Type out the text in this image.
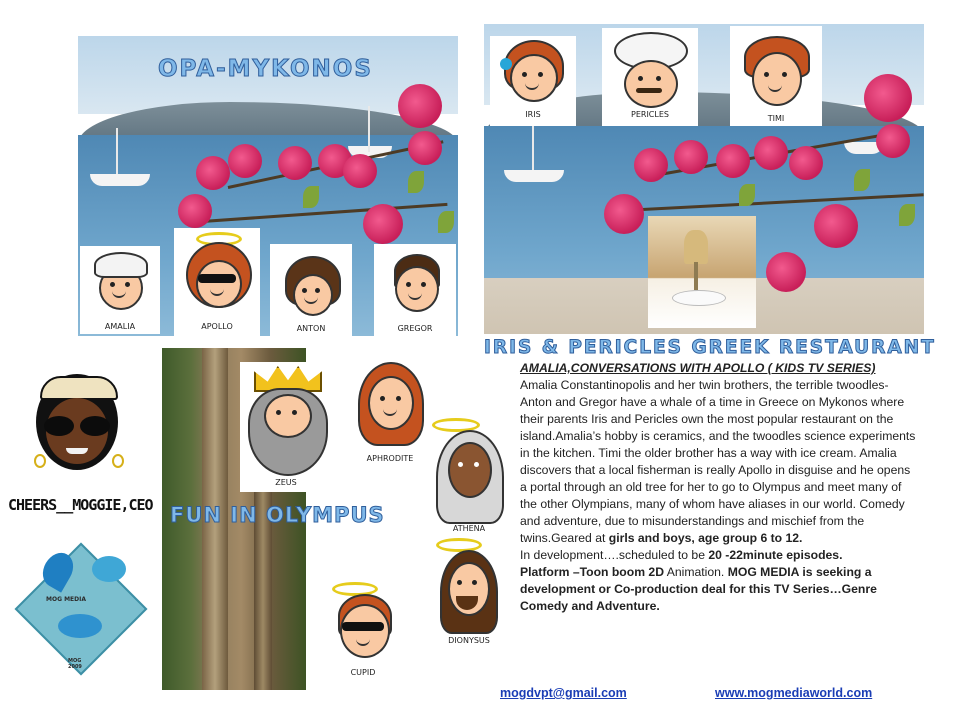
OPA-MYKONOS
AMALIA	APOLLO	ANTON	GREGOR
IRIS	PERICLES	TIMI
IRIS & PERICLES GREEK RESTAURANT
CHEERS__MOGGIE,CEO
MOG MEDIA
MOG 2009
FUN IN OLYMPUS
ZEUS
APHRODITE
ATHENA
DIONYSUS
CUPID

AMALIA,CONVERSATIONS WITH APOLLO ( KIDS TV SERIES)

Amalia Constantinopolis and her twin brothers, the terrible twoodles-Anton and Gregor have a whale of a time in Greece on Mykonos where their parents Iris and Pericles own the most popular restaurant on the island.Amalia’s hobby is ceramics, and the twoodles science experiments in the kitchen. Timi the older brother has a way with ice cream. Amalia discovers that a local fisherman is really Apollo in disguise and he opens a portal through an old tree for her to go to Olympus and meet many of the other Olympians, many of whom have aliases in our world. Comedy and adventure, due to misunderstandings and mischief from the twins.Geared at girls and boys, age group 6 to 12.

In development….scheduled to be 20 -22minute episodes.

Platform –Toon boom 2D Animation. MOG MEDIA is seeking a development or Co-production deal for this TV Series…Genre Comedy and Adventure.

mogdvpt@gmail.com	www.mogmediaworld.com
